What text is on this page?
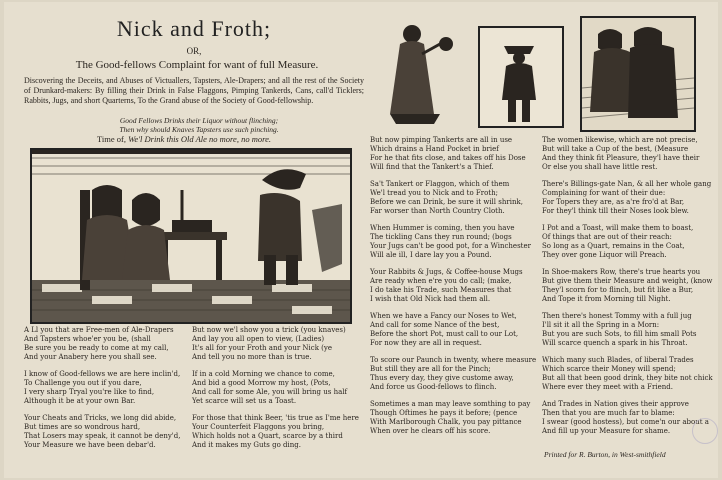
Nick and Froth;
OR,
The Good-fellows Complaint for want of full Measure.
Discovering the Deceits, and Abuses of Victuallers, Tapsters, Ale-Drapers; and all the rest of the Society of Drunkard-makers: By filling their Drink in False Flaggons, Pimping Tankerds, Cans, call'd Ticklers; Rabbits, Jugs, and short Quarterns, To the Grand abuse of the Society of Good-fellowship.
Good Fellows Drinks their Liquor without flinching;
Then why should Knaves Tapsters use such pinching.
Time of, We'l Drink this Old Ale no more, no more.
A Ll you that are Free-men of Ale-Drapers
And Tapsters whoe'er you be, (shall
Be sure you be ready to come at my call,
And your Anabery here you shall see.
I know of Good-fellows we are here inclin'd,
To Challenge you out if you dare,
I very sharp Tryal you're like to find,
Although it be at your own Bar.
Your Cheats and Tricks, we long did abide,
But times are so wondrous hard,
That Losers may speak, it cannot be deny'd,
Your Measure we have been debar'd.
But now we'l show you a trick (you knaves)
And lay you all open to view, (Ladies)
It's all for your Froth and your Nick (ye
And tell you no more than is true.
If in a cold Morning we chance to come,
And bid a good Morrow my host, (Pots,
And call for some Ale, you will bring us half
Yet scarce will set us a Toast.
For those that think Beer, 'tis true as I'me here
Your Counterfeit Flaggons you bring,
Which holds not a Quart, scarce by a third
And it makes my Guts go ding.
But now pimping Tankerts are all in use
Which drains a Hand Pocket in brief
For he that fits close, and takes off his Dose
Will find that the Tankert's a Thief.
Sa't Tankert or Flaggon, which of them
We'l tread you to Nick and to Froth;
Before we can Drink, be sure it will shrink,
Far worser than North Country Cloth.
When Hummer is coming, then you have
The tickling Cans they run round; (bogs
Your Jugs can't be good pot, for a Winchester
Will ale ill, I dare lay you a Pound.
Your Rabbits & Jugs, & Coffee-house Mugs
Are ready when e're you do call; (make,
I do take his Trade, such Measures that
I wish that Old Nick had them all.
When we have a Fancy our Noses to Wet,
And call for some Nance of the best,
Before the short Pot, must call to our Lot,
For now they are all in request.
To score our Paunch in twenty, where measure
But still they are all for the Pinch;
Thus every day, they give custome away,
And force us Good-fellows to flinch.
Sometimes a man may leave somthing to pay
Though Oftimes he pays it before; (pence
With Marlborough Chalk, you pay pittance
When over he clears off his score.
The women likewise, which are not precise,
But will take a Cup of the best, (Measure
And they think fit Pleasure, they'l have their
Or else you shall have little rest.
There's Billings-gate Nan, & all her whole gang
Complaining for want of their due:
For Topers they are, as a're fro'd at Bar,
For they'l think till their Noses look blew.
I Pot and a Toast, will make them to boast,
Of things that are out of their reach:
So long as a Quart, remains in the Coat,
They over gone Liquor will Preach.
In Shoe-makers Row, there's true hearts you
But give them their Measure and weight, (know
They'l scorn for to flinch, but fit like a Bur,
And Tope it from Morning till Night.
Then there's honest Tommy with a full jug
I'll sit it all the Spring in a Morn:
But you are such Sots, to fill him small Pots
Will scarce quench a spark in his Throat.
Which many such Blades, of liberal Trades
Which scarce their Money will spend;
But all that been good drink, they bite not chick
Where ever they meet with a Friend.
And Trades in Nation gives their approve
Then that you are much far to blame:
I swear (good hostess), but come'n our about a
And fill up your Measure for shame.
Printed for R. Burton, in West-smithfield
